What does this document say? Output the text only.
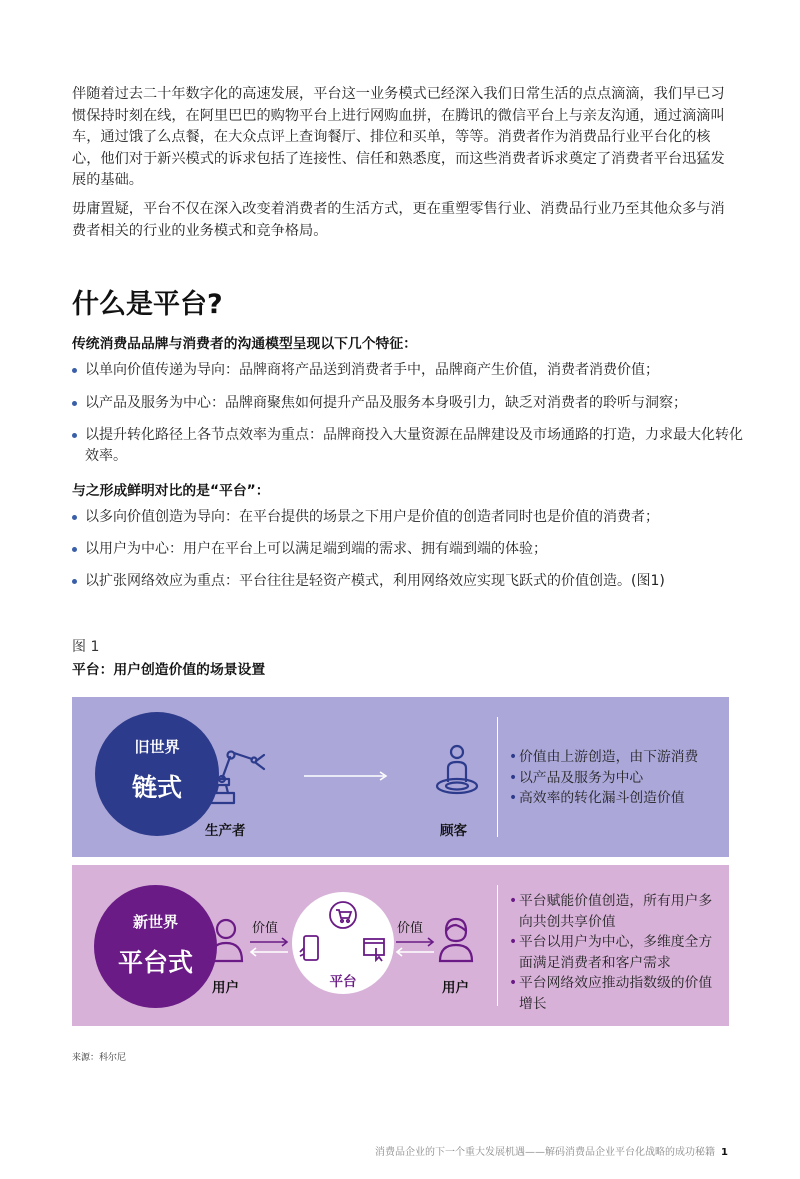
伴随着过去二十年数字化的高速发展，平台这一业务模式已经深入我们日常生活的点点滴滴，我们早已习惯保持时刻在线，在阿里巴巴的购物平台上进行网购血拼，在腾讯的微信平台上与亲友沟通，通过滴滴叫车，通过饿了么点餐，在大众点评上查询餐厅、排位和买单，等等。消费者作为消费品行业平台化的核心，他们对于新兴模式的诉求包括了连接性、信任和熟悉度，而这些消费者诉求奠定了消费者平台迅猛发展的基础。

毋庸置疑，平台不仅在深入改变着消费者的生活方式，更在重塑零售行业、消费品行业乃至其他众多与消费者相关的行业的业务模式和竞争格局。

什么是平台?

传统消费品品牌与消费者的沟通模型呈现以下几个特征：

以单向价值传递为导向：品牌商将产品送到消费者手中，品牌商产生价值，消费者消费价值；
以产品及服务为中心：品牌商聚焦如何提升产品及服务本身吸引力，缺乏对消费者的聆听与洞察；
以提升转化路径上各节点效率为重点：品牌商投入大量资源在品牌建设及市场通路的打造，力求最大化转化效率。

与之形成鲜明对比的是“平台”：

以多向价值创造为导向：在平台提供的场景之下用户是价值的创造者同时也是价值的消费者；
以用户为中心：用户在平台上可以满足端到端的需求、拥有端到端的体验；
以扩张网络效应为重点：平台往往是轻资产模式，利用网络效应实现飞跃式的价值创造。(图1)
图 1
平台：用户创造价值的场景设置
旧世界
链式
生产者	顾客
• 价值由上游创造，由下游消费
• 以产品及服务为中心
• 高效率的转化漏斗创造价值
新世界
平台式
用户
价值
平台
价值
用户
• 平台赋能价值创造，所有用户多向共创共享价值
• 平台以用户为中心，多维度全方面满足消费者和客户需求
• 平台网络效应推动指数级的价值增长
来源：科尔尼
消费品企业的下一个重大发展机遇——解码消费品企业平台化战略的成功秘籍 1
